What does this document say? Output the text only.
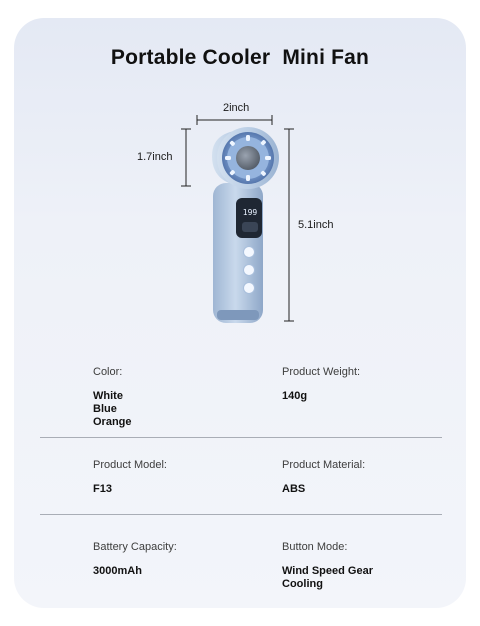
Portable Cooler  Mini Fan
199
2inch
1.7inch
5.1inch
Color:
White
Blue
Orange
Product Weight:
140g
Product Model:
F13
Product Material:
ABS
Battery Capacity:
3000mAh
Button Mode:
Wind Speed Gear
Cooling
